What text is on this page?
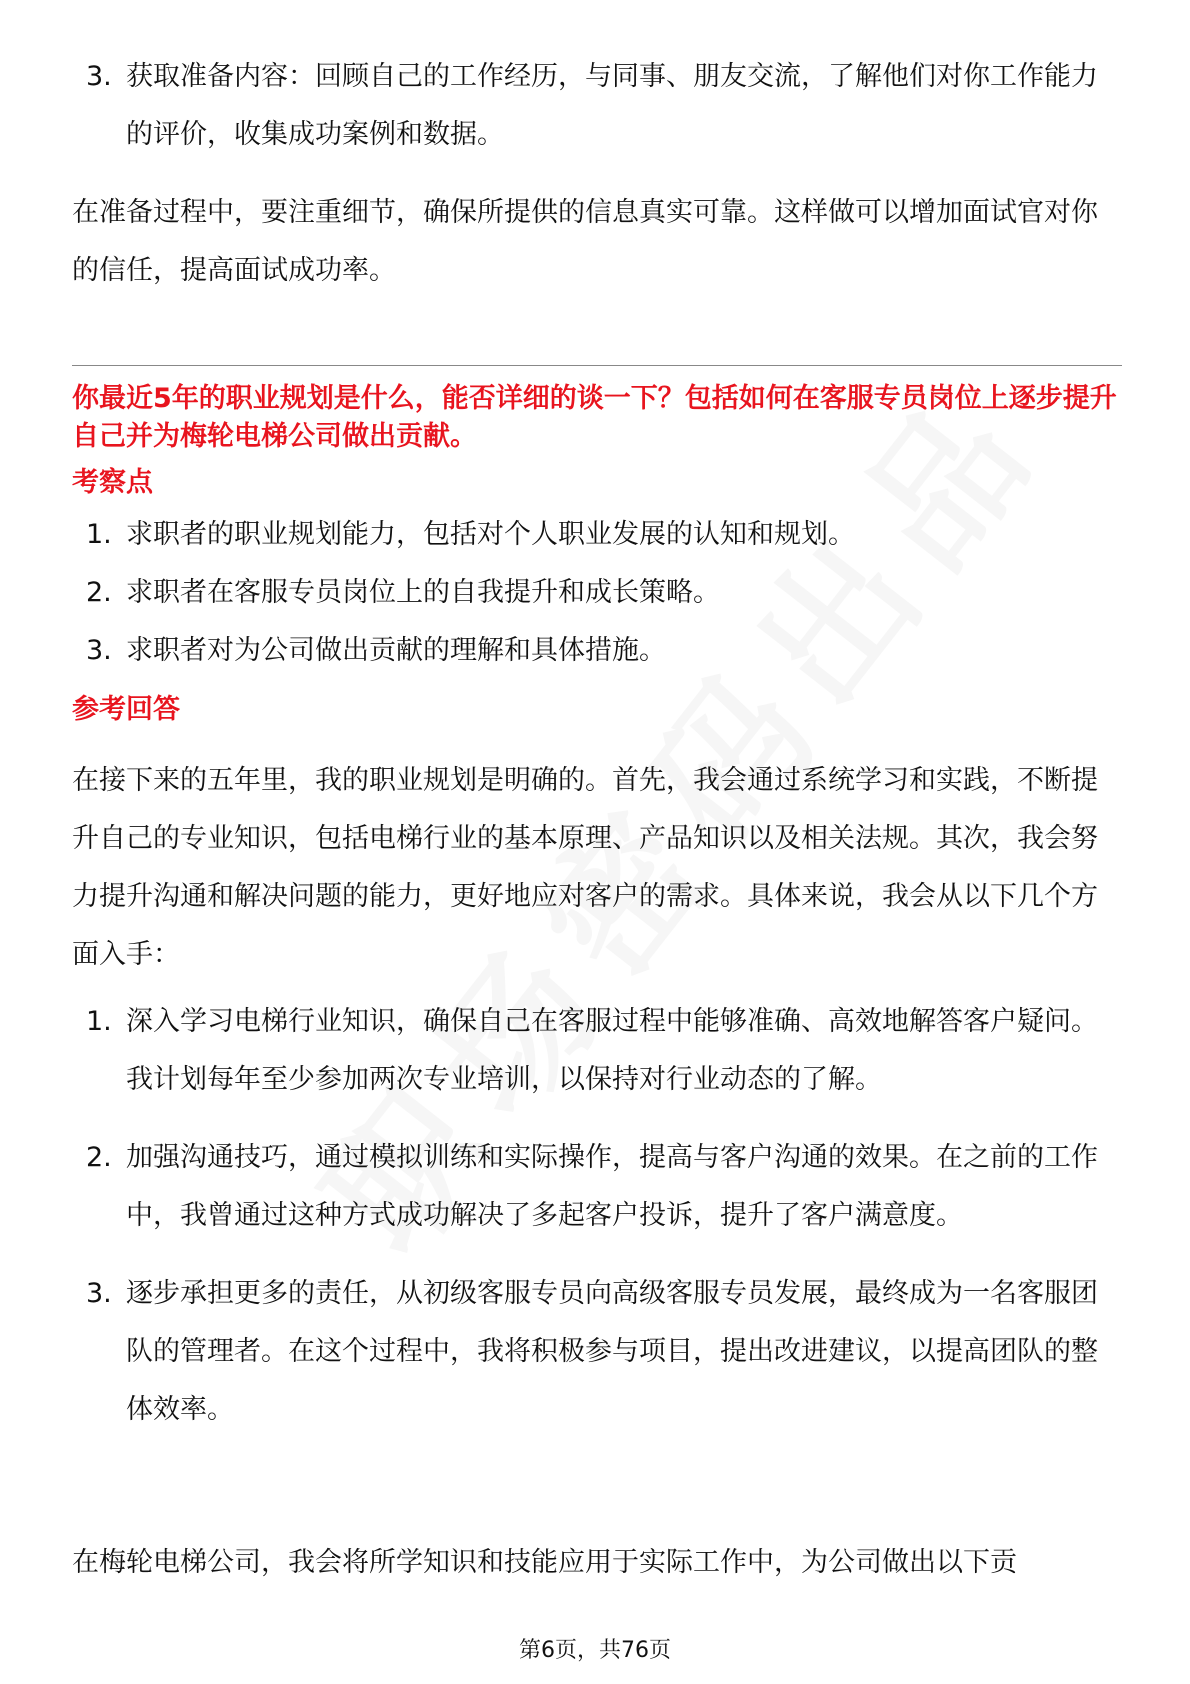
3. 获取准备内容：回顾自己的工作经历，与同事、朋友交流，了解他们对你工作能力的评价，收集成功案例和数据。

在准备过程中，要注重细节，确保所提供的信息真实可靠。这样做可以增加面试官对你的信任，提高面试成功率。

你最近5年的职业规划是什么，能否详细的谈一下？包括如何在客服专员岗位上逐步提升自己并为梅轮电梯公司做出贡献。

考察点
1. 求职者的职业规划能力，包括对个人职业发展的认知和规划。
2. 求职者在客服专员岗位上的自我提升和成长策略。
3. 求职者对为公司做出贡献的理解和具体措施。
参考回答

在接下来的五年里，我的职业规划是明确的。首先，我会通过系统学习和实践，不断提升自己的专业知识，包括电梯行业的基本原理、产品知识以及相关法规。其次，我会努力提升沟通和解决问题的能力，更好地应对客户的需求。具体来说，我会从以下几个方面入手：

1. 深入学习电梯行业知识，确保自己在客服过程中能够准确、高效地解答客户疑问。我计划每年至少参加两次专业培训，以保持对行业动态的了解。
2. 加强沟通技巧，通过模拟训练和实际操作，提高与客户沟通的效果。在之前的工作中，我曾通过这种方式成功解决了多起客户投诉，提升了客户满意度。
3. 逐步承担更多的责任，从初级客服专员向高级客服专员发展，最终成为一名客服团队的管理者。在这个过程中，我将积极参与项目，提出改进建议，以提高团队的整体效率。

在梅轮电梯公司，我会将所学知识和技能应用于实际工作中，为公司做出以下贡

第6页，共76页
